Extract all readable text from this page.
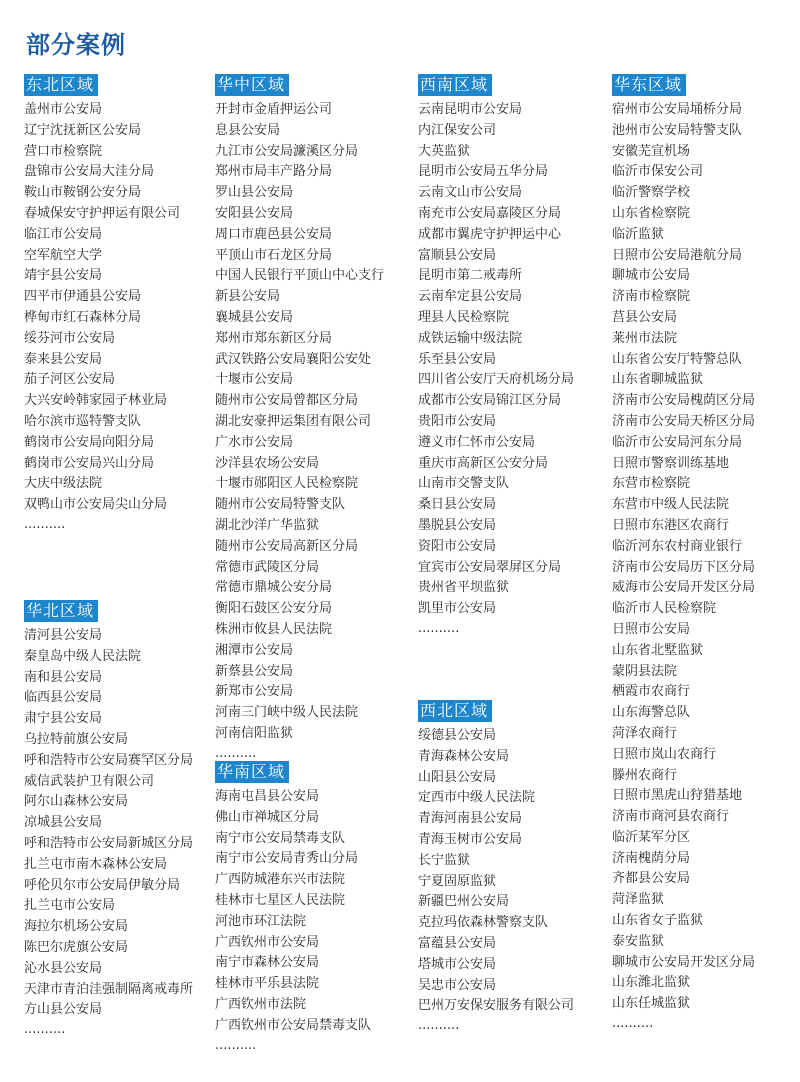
部分案例
东北区域
盖州市公安局
辽宁沈抚新区公安局
营口市检察院
盘锦市公安局大洼分局
鞍山市鞍钢公安分局
春城保安守护押运有限公司
临江市公安局
空军航空大学
靖宇县公安局
四平市伊通县公安局
桦甸市红石森林分局
绥芬河市公安局
泰来县公安局
茄子河区公安局
大兴安岭韩家园子林业局
哈尔滨市巡特警支队
鹤岗市公安局向阳分局
鹤岗市公安局兴山分局
大庆中级法院
双鸭山市公安局尖山分局
..........
华北区域
清河县公安局
秦皇岛中级人民法院
南和县公安局
临西县公安局
肃宁县公安局
乌拉特前旗公安局
呼和浩特市公安局赛罕区分局
威信武装护卫有限公司
阿尔山森林公安局
凉城县公安局
呼和浩特市公安局新城区分局
扎兰屯市南木森林公安局
呼伦贝尔市公安局伊敏分局
扎兰屯市公安局
海拉尔机场公安局
陈巴尔虎旗公安局
沁水县公安局
天津市青泊洼强制隔离戒毒所
方山县公安局
..........
华中区域
开封市金盾押运公司
息县公安局
九江市公安局濂溪区分局
郑州市局丰产路分局
罗山县公安局
安阳县公安局
周口市鹿邑县公安局
平顶山市石龙区分局
中国人民银行平顶山中心支行
新县公安局
襄城县公安局
郑州市郑东新区分局
武汉铁路公安局襄阳公安处
十堰市公安局
随州市公安局曾都区分局
湖北安豪押运集团有限公司
广水市公安局
沙洋县农场公安局
十堰市郧阳区人民检察院
随州市公安局特警支队
湖北沙洋广华监狱
随州市公安局高新区分局
常德市武陵区分局
常德市鼎城公安分局
衡阳石鼓区公安分局
株洲市攸县人民法院
湘潭市公安局
新蔡县公安局
新郑市公安局
河南三门峡中级人民法院
河南信阳监狱
..........
华南区域
海南屯昌县公安局
佛山市禅城区分局
南宁市公安局禁毒支队
南宁市公安局青秀山分局
广西防城港东兴市法院
桂林市七星区人民法院
河池市环江法院
广西钦州市公安局
南宁市森林公安局
桂林市平乐县法院
广西钦州市法院
广西钦州市公安局禁毒支队
..........
西南区域
云南昆明市公安局
内江保安公司
大英监狱
昆明市公安局五华分局
云南文山市公安局
南充市公安局嘉陵区分局
成都市翼虎守护押运中心
富顺县公安局
昆明市第二戒毒所
云南牟定县公安局
理县人民检察院
成铁运输中级法院
乐至县公安局
四川省公安厅天府机场分局
成都市公安局锦江区分局
贵阳市公安局
遵义市仁怀市公安局
重庆市高新区公安分局
山南市交警支队
桑日县公安局
墨脱县公安局
资阳市公安局
宜宾市公安局翠屏区分局
贵州省平坝监狱
凯里市公安局
..........
西北区域
绥德县公安局
青海森林公安局
山阳县公安局
定西市中级人民法院
青海河南县公安局
青海玉树市公安局
长宁监狱
宁夏固原监狱
新疆巴州公安局
克拉玛依森林警察支队
富蕴县公安局
塔城市公安局
吴忠市公安局
巴州万安保安服务有限公司
..........
华东区域
宿州市公安局埇桥分局
池州市公安局特警支队
安徽芜宣机场
临沂市保安公司
临沂警察学校
山东省检察院
临沂监狱
日照市公安局港航分局
聊城市公安局
济南市检察院
莒县公安局
莱州市法院
山东省公安厅特警总队
山东省聊城监狱
济南市公安局槐荫区分局
济南市公安局天桥区分局
临沂市公安局河东分局
日照市警察训练基地
东营市检察院
东营市中级人民法院
日照市东港区农商行
临沂河东农村商业银行
济南市公安局历下区分局
威海市公安局开发区分局
临沂市人民检察院
日照市公安局
山东省北墅监狱
蒙阴县法院
栖霞市农商行
山东海警总队
菏泽农商行
日照市岚山农商行
滕州农商行
日照市黑虎山狩猎基地
济南市商河县农商行
临沂某军分区
济南槐荫分局
齐都县公安局
菏泽监狱
山东省女子监狱
泰安监狱
聊城市公安局开发区分局
山东潍北监狱
山东任城监狱
..........
